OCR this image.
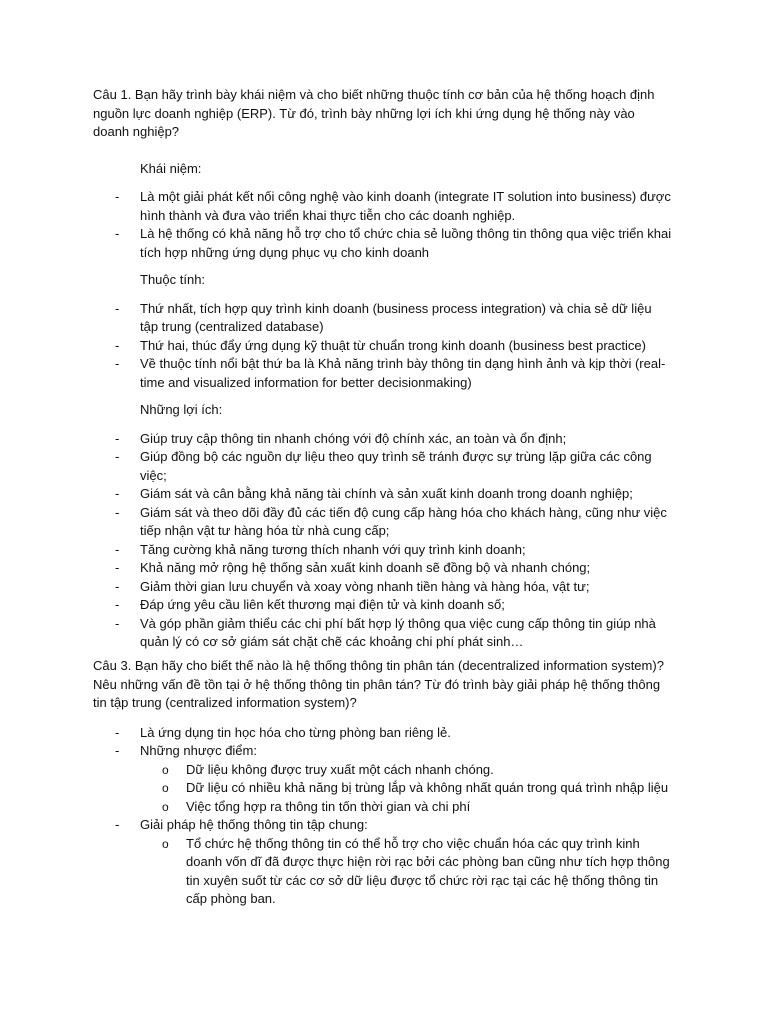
Câu 1. Bạn hãy trình bày khái niệm và cho biết những thuộc tính cơ bản của hệ thống hoạch định nguồn lực doanh nghiệp (ERP). Từ đó, trình bày những lợi ích khi ứng dụng hệ thống này vào doanh nghiệp?

Khái niệm:

- Là một giải phát kết nối công nghệ vào kinh doanh (integrate IT solution into business) được hình thành và đưa vào triển khai thực tiễn cho các doanh nghiệp.
- Là hệ thống có khả năng hỗ trợ cho tổ chức chia sẻ luồng thông tin thông qua việc triển khai tích hợp những ứng dụng phục vụ cho kinh doanh

Thuộc tính:

- Thứ nhất, tích hợp quy trình kinh doanh (business process integration) và chia sẻ dữ liệu tập trung (centralized database)
- Thứ hai, thúc đẩy ứng dụng kỹ thuật từ chuẩn trong kinh doanh (business best practice)
- Về thuộc tính nổi bật thứ ba là Khả năng trình bày thông tin dạng hình ảnh và kịp thời (real-time and visualized information for better decisionmaking)

Những lợi ích:

- Giúp truy cập thông tin nhanh chóng với độ chính xác, an toàn và ổn định;
- Giúp đồng bộ các nguồn dự liệu theo quy trình sẽ tránh được sự trùng lặp giữa các công việc;
- Giám sát và cân bằng khả năng tài chính và sản xuất kinh doanh trong doanh nghiệp;
- Giám sát và theo dõi đầy đủ các tiến độ cung cấp hàng hóa cho khách hàng, cũng như việc tiếp nhận vật tư hàng hóa từ nhà cung cấp;
- Tăng cường khả năng tương thích nhanh với quy trình kinh doanh;
- Khả năng mở rộng hệ thống sản xuất kinh doanh sẽ đồng bộ và nhanh chóng;
- Giảm thời gian lưu chuyển và xoay vòng nhanh tiền hàng và hàng hóa, vật tư;
- Đáp ứng yêu cầu liên kết thương mại điện tử và kinh doanh số;
- Và góp phần giảm thiểu các chi phí bất hợp lý thông qua việc cung cấp thông tin giúp nhà quản lý có cơ sở giám sát chặt chẽ các khoảng chi phí phát sinh…

Câu 3. Bạn hãy cho biết thế nào là hệ thống thông tin phân tán (decentralized information system)? Nêu những vấn đề tồn tại ở hệ thống thông tin phân tán? Từ đó trình bày giải pháp hệ thống thông tin tập trung (centralized information system)?

- Là ứng dụng tin học hóa cho từng phòng ban riêng lẻ.
- Những nhược điểm:
o Dữ liệu không được truy xuất một cách nhanh chóng.
o Dữ liệu có nhiều khả năng bị trùng lắp và không nhất quán trong quá trình nhập liệu
o Việc tổng hợp ra thông tin tốn thời gian và chi phí
- Giải pháp hệ thống thông tin tập chung:
o Tổ chức hệ thống thông tin có thể hỗ trợ cho việc chuẩn hóa các quy trình kinh doanh vốn dĩ đã được thực hiện rời rạc bởi các phòng ban cũng như tích hợp thông tin xuyên suốt từ các cơ sở dữ liệu được tổ chức rời rạc tại các hệ thống thông tin cấp phòng ban.
